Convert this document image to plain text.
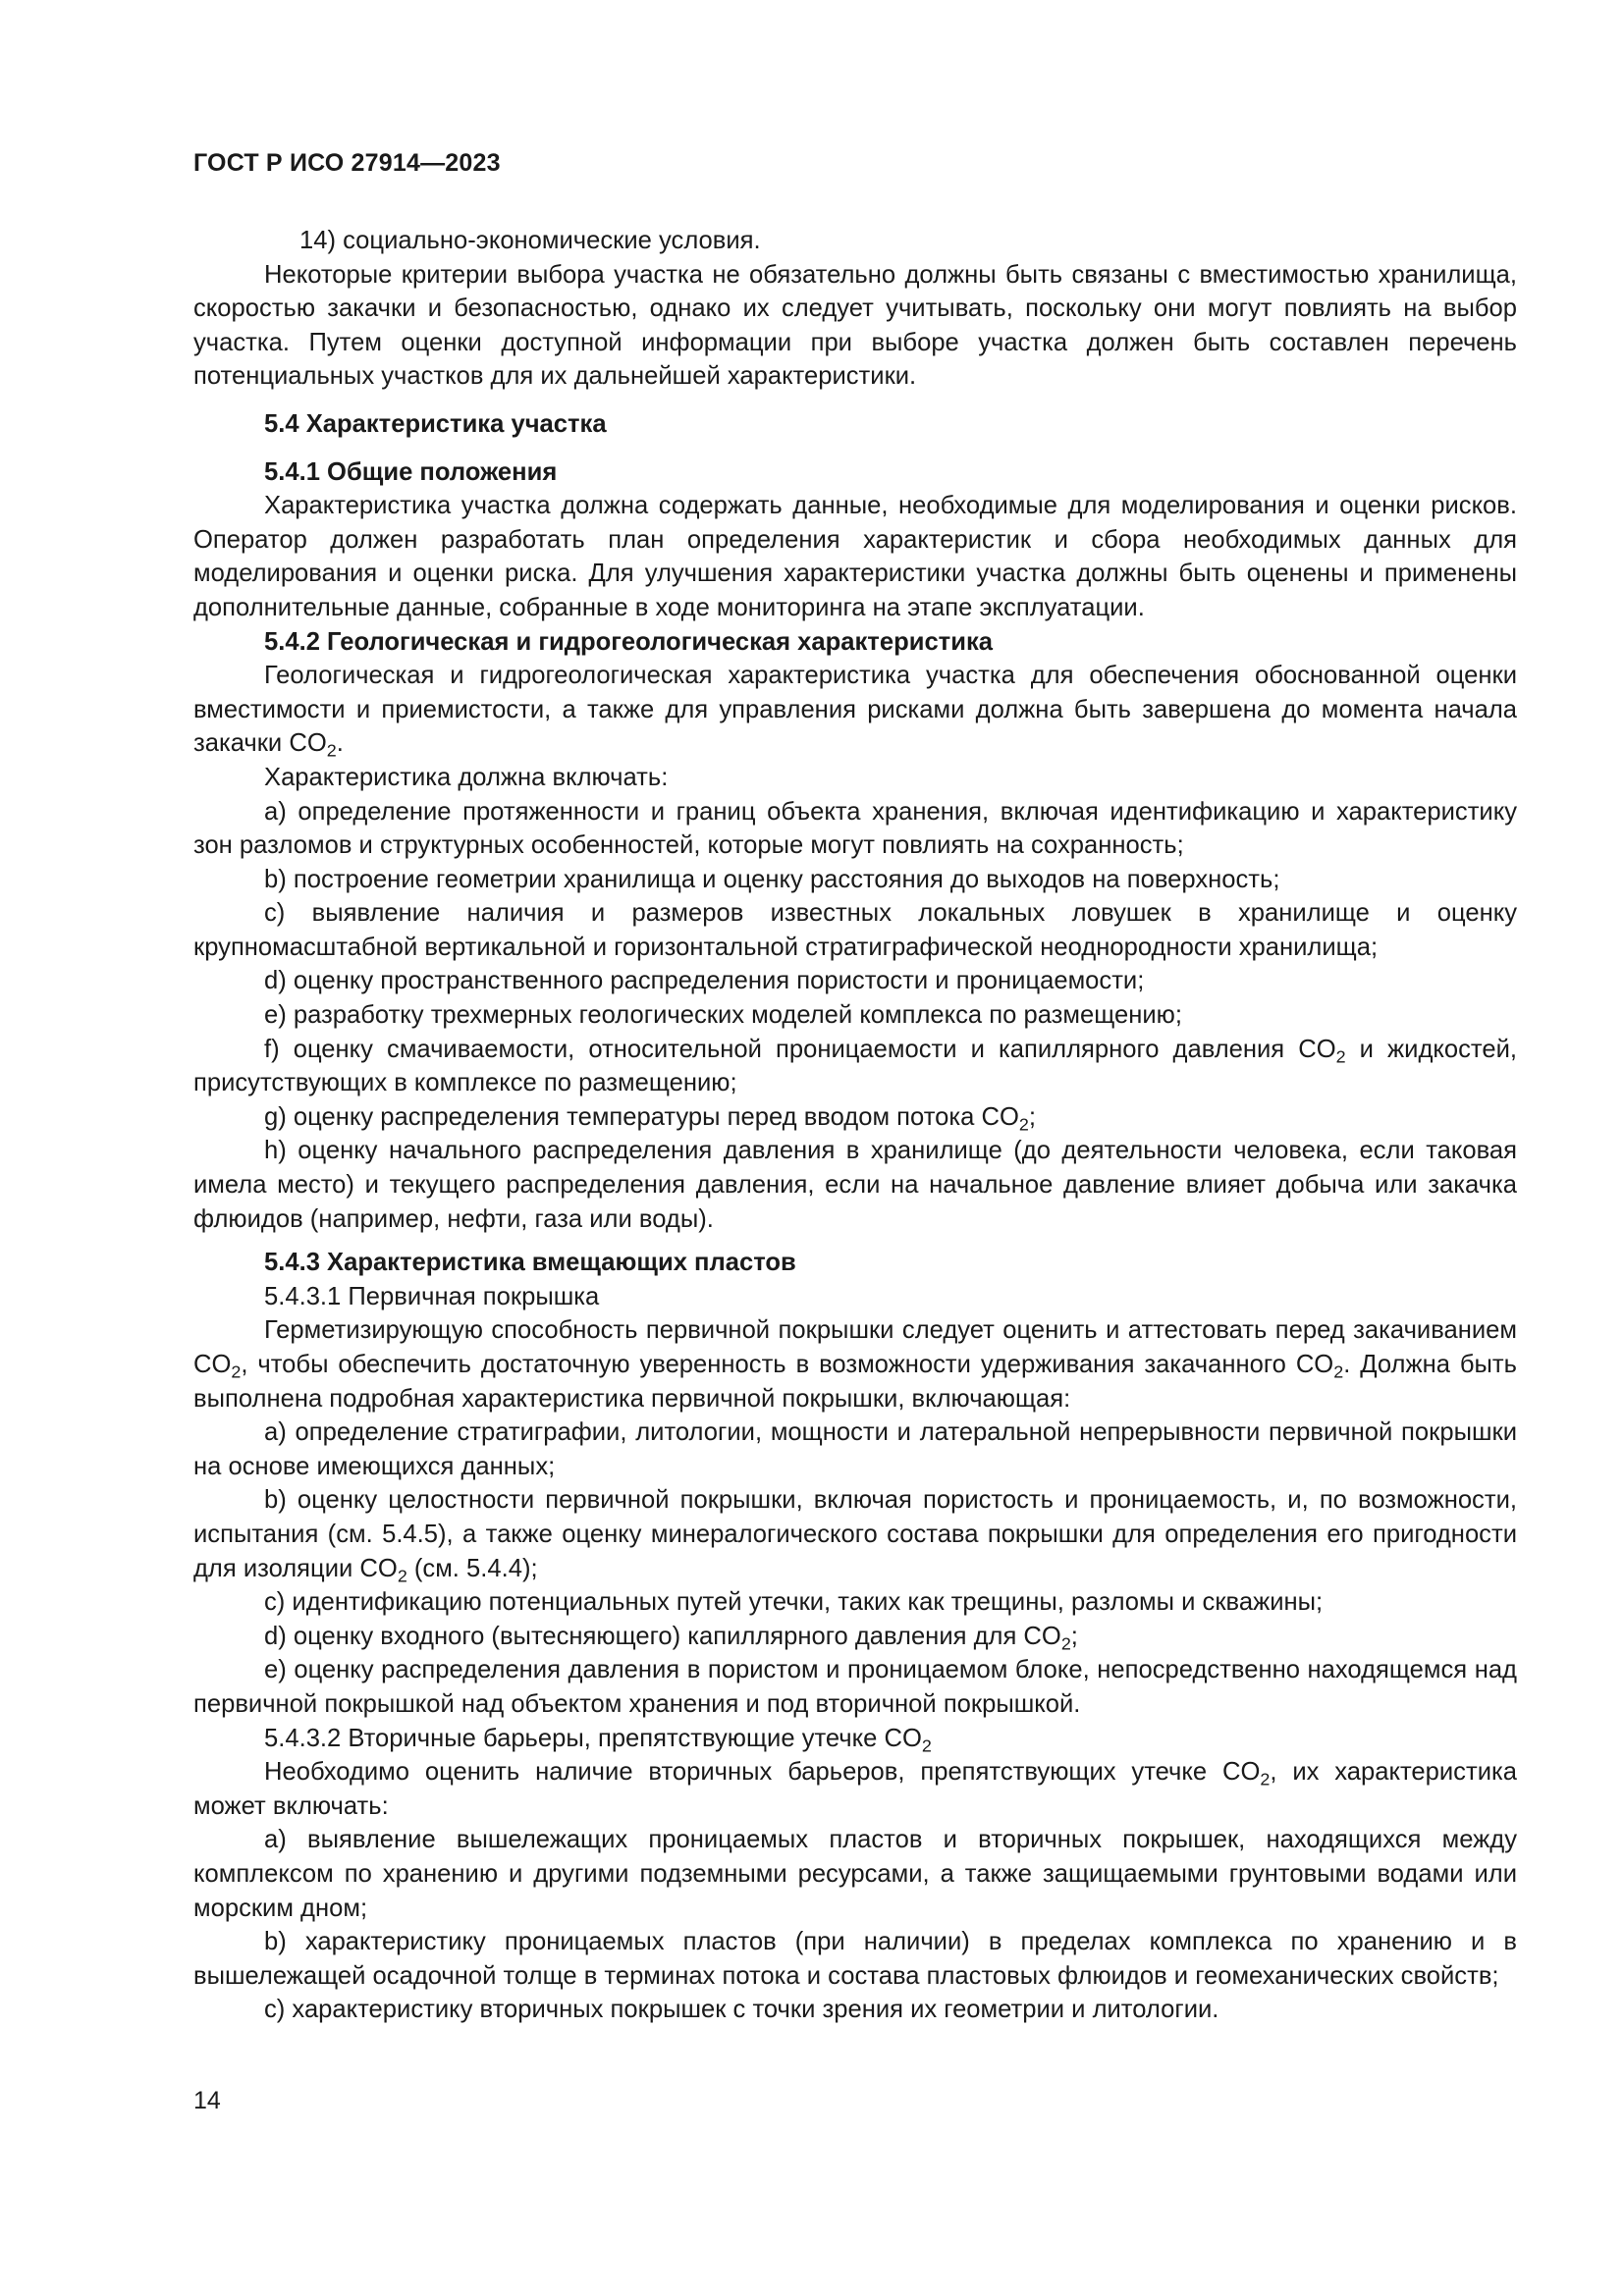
ГОСТ Р ИСО 27914—2023

14) социально-экономические условия.

Некоторые критерии выбора участка не обязательно должны быть связаны с вместимостью хранилища, скоростью закачки и безопасностью, однако их следует учитывать, поскольку они могут повлиять на выбор участка. Путем оценки доступной информации при выборе участка должен быть составлен перечень потенциальных участков для их дальнейшей характеристики.

5.4 Характеристика участка

5.4.1 Общие положения

Характеристика участка должна содержать данные, необходимые для моделирования и оценки рисков. Оператор должен разработать план определения характеристик и сбора необходимых данных для моделирования и оценки риска. Для улучшения характеристики участка должны быть оценены и применены дополнительные данные, собранные в ходе мониторинга на этапе эксплуатации.

5.4.2 Геологическая и гидрогеологическая характеристика

Геологическая и гидрогеологическая характеристика участка для обеспечения обоснованной оценки вместимости и приемистости, а также для управления рисками должна быть завершена до момента начала закачки $CO_2$.

Характеристика должна включать:

a) определение протяженности и границ объекта хранения, включая идентификацию и характеристику зон разломов и структурных особенностей, которые могут повлиять на сохранность;

b) построение геометрии хранилища и оценку расстояния до выходов на поверхность;

c) выявление наличия и размеров известных локальных ловушек в хранилище и оценку крупномасштабной вертикальной и горизонтальной стратиграфической неоднородности хранилища;

d) оценку пространственного распределения пористости и проницаемости;

e) разработку трехмерных геологических моделей комплекса по размещению;

f) оценку смачиваемости, относительной проницаемости и капиллярного давления $CO_2$ и жидкостей, присутствующих в комплексе по размещению;

g) оценку распределения температуры перед вводом потока $CO_2$;

h) оценку начального распределения давления в хранилище (до деятельности человека, если таковая имела место) и текущего распределения давления, если на начальное давление влияет добыча или закачка флюидов (например, нефти, газа или воды).

5.4.3 Характеристика вмещающих пластов

5.4.3.1 Первичная покрышка

Герметизирующую способность первичной покрышки следует оценить и аттестовать перед закачиванием $CO_2$, чтобы обеспечить достаточную уверенность в возможности удерживания закачанного $CO_2$. Должна быть выполнена подробная характеристика первичной покрышки, включающая:

a) определение стратиграфии, литологии, мощности и латеральной непрерывности первичной покрышки на основе имеющихся данных;

b) оценку целостности первичной покрышки, включая пористость и проницаемость, и, по возможности, испытания (см. 5.4.5), а также оценку минералогического состава покрышки для определения его пригодности для изоляции $CO_2$ (см. 5.4.4);

c) идентификацию потенциальных путей утечки, таких как трещины, разломы и скважины;

d) оценку входного (вытесняющего) капиллярного давления для $CO_2$;

e) оценку распределения давления в пористом и проницаемом блоке, непосредственно находящемся над первичной покрышкой над объектом хранения и под вторичной покрышкой.

5.4.3.2 Вторичные барьеры, препятствующие утечке $CO_2$

Необходимо оценить наличие вторичных барьеров, препятствующих утечке $CO_2$, их характеристика может включать:

a) выявление вышележащих проницаемых пластов и вторичных покрышек, находящихся между комплексом по хранению и другими подземными ресурсами, а также защищаемыми грунтовыми водами или морским дном;

b) характеристику проницаемых пластов (при наличии) в пределах комплекса по хранению и в вышележащей осадочной толще в терминах потока и состава пластовых флюидов и геомеханических свойств;

c) характеристику вторичных покрышек с точки зрения их геометрии и литологии.

14
